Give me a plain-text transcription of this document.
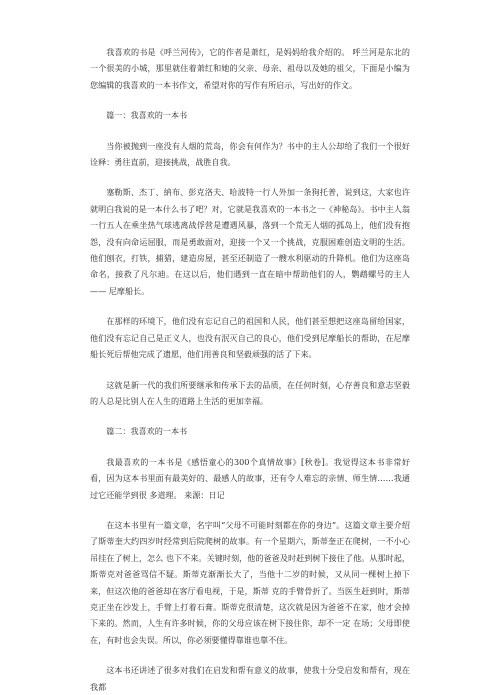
我喜欢的书是《呼兰河传》，它的作者是萧红，是妈妈给我介绍的。 呼兰河是东北的一个很美的小城，那里就住着萧红和她的父亲、母亲、祖母以及她的祖父，下面是小编为您编辑的我喜欢的一本书作文，希望对你的写作有所启示，写出好的作文。

篇一：我喜欢的一本书

当你被抛到一座没有人烟的荒岛，你会有何作为？书中的主人公却给了我们一个很好诠释：勇往直前，迎接挑战，战胜自我。

塞勒斯、杰丁、納布、彭克洛夫、哈波特一行人外加一条狗托普，说到这，大家也许就明白我说的是一本什么书了吧？对，它就是我喜欢的一本书之一《神秘岛》。书中主人翁一行五人在乘坐热气球逃离战俘营是遭遇风暴，落到一个荒无人烟的孤岛上，他们没有抱怨，没有向命运屈服，而是勇敢面对，迎接一个又一个挑战，克服困难创造文明的生活。他们刨衣，打铁，捕猎，建造房屋，甚至还制造了一艘水利驱动的升降机。他们为这座岛命名，接救了凡尔迪。在这以后，他们遇到一直在暗中帮助他们的人，鹦鹉螺号的主人—— 尼摩船长。

在那样的环境下，他们没有忘记自己的祖国和人民，他们甚至想把这座岛留给国家，他们没有忘记自己是正义人，也没有泯灭自己的良心，他们受到尼摩船长的帮助，在尼摩船长死后帮他完成了遗愿，他们用善良和坚毅顽强的活了下来。

这就是新一代的我们所要继承和传承下去的品质，在任何时刻，心存善良和意志坚毅的人总是比别人在人生的道路上生活的更加幸福。

篇二：我喜欢的一本书

我最喜欢的一本书是《感悟童心的300个真情故事》[秋卷]。我觉得这本书非常好看，因为这本书里面有最美好的、最感人的故事，还有令人难忘的亲情、师生情……我通过它还能学到很 多道理。 来源：日记

在这本书里有一篇文章，名字叫“父母不可能时刻都在你的身边”。这篇文章主要介绍了斯蒂奎大约四岁时经常到后院爬树的故事。有一个星期六，斯蒂奎正在爬树，一不小心吊挂在了树上，怎么 也下不来。关键时刻，他的爸爸及时赶到树下接住了他。从那时起，斯蒂克对爸爸骂信不疑。斯蒂克渐渐长大了，当他十二岁的时候，又从同一棵树上掉下来，但这次他的爸爸却在客厅看电视，于是，斯蒂 克的手臂骨折了。当医生赶到时，斯蒂克正坐在沙发上，手臂上打着石膏。斯蒂克很清楚，这次就是因为爸爸不在家，他才会掉下来的。然而，人生有许多时候，你的父母应该在树下接住你，却不一定 在场；父母即使在，有时也会失误。所以，你必须要懂得靠谁也靠不住。

这本书还讲述了很多对我们在启发和帮有意义的故事，使我十分受启发和帮有，现在我都
